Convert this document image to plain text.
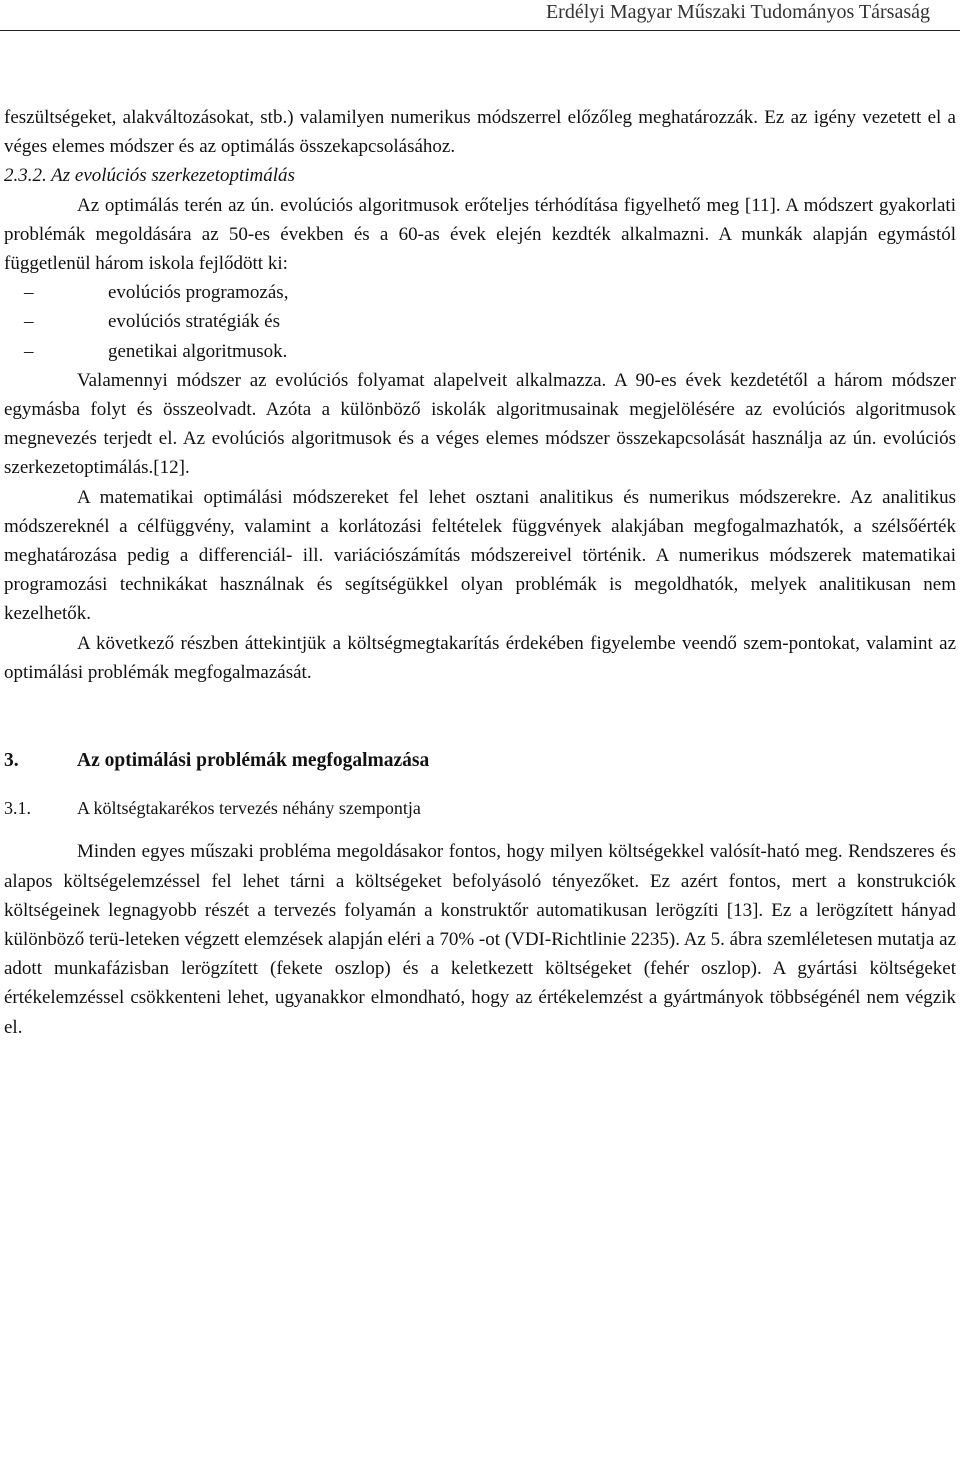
Erdélyi Magyar Műszaki Tudományos Társaság

feszültségeket, alakváltozásokat, stb.) valamilyen numerikus módszerrel előzőleg meghatározzák. Ez az igény vezetett el a véges elemes módszer és az optimálás összekapcsolásához.

2.3.2. Az evolúciós szerkezetoptimálás

Az optimálás terén az ún. evolúciós algoritmusok erőteljes térhódítása figyelhető meg [11]. A módszert gyakorlati problémák megoldására az 50-es években és a 60-as évek elején kezdték alkalmazni. A munkák alapján egymástól függetlenül három iskola fejlődött ki:

–	evolúciós programozás,
–	evolúciós stratégiák és
–	genetikai algoritmusok.

Valamennyi módszer az evolúciós folyamat alapelveit alkalmazza. A 90-es évek kezdetétől a három módszer egymásba folyt és összeolvadt. Azóta a különböző iskolák algoritmusainak megjelölésére az evolúciós algoritmusok megnevezés terjedt el. Az evolúciós algoritmusok és a véges elemes módszer összekapcsolását használja az ún. evolúciós szerkezetoptimálás.[12].

A matematikai optimálási módszereket fel lehet osztani analitikus és numerikus módszerekre. Az analitikus módszereknél a célfüggvény, valamint a korlátozási feltételek függvények alakjában megfogalmazhatók, a szélsőérték meghatározása pedig a differenciál- ill. variációszámítás módszereivel történik. A numerikus módszerek matematikai programozási technikákat használnak és segítségükkel olyan problémák is megoldhatók, melyek analitikusan nem kezelhetők.

A következő részben áttekintjük a költségmegtakarítás érdekében figyelembe veendő szem-pontokat, valamint az optimálási problémák megfogalmazását.

3.	Az optimálási problémák megfogalmazása
3.1.	A költségtakarékos tervezés néhány szempontja

Minden egyes műszaki probléma megoldásakor fontos, hogy milyen költségekkel valósít-ható meg. Rendszeres és alapos költségelemzéssel fel lehet tárni a költségeket befolyásoló tényezőket. Ez azért fontos, mert a konstrukciók költségeinek legnagyobb részét a tervezés folyamán a konstruktőr automatikusan lerögzíti [13]. Ez a lerögzített hányad különböző terü-leteken végzett elemzések alapján eléri a 70% -ot (VDI-Richtlinie 2235). Az 5. ábra szemléletesen mutatja az adott munkafázisban lerögzített (fekete oszlop) és a keletkezett költségeket (fehér oszlop). A gyártási költségeket értékelemzéssel csökkenteni lehet, ugyanakkor elmondható, hogy az értékelemzést a gyártmányok többségénél nem végzik el.
